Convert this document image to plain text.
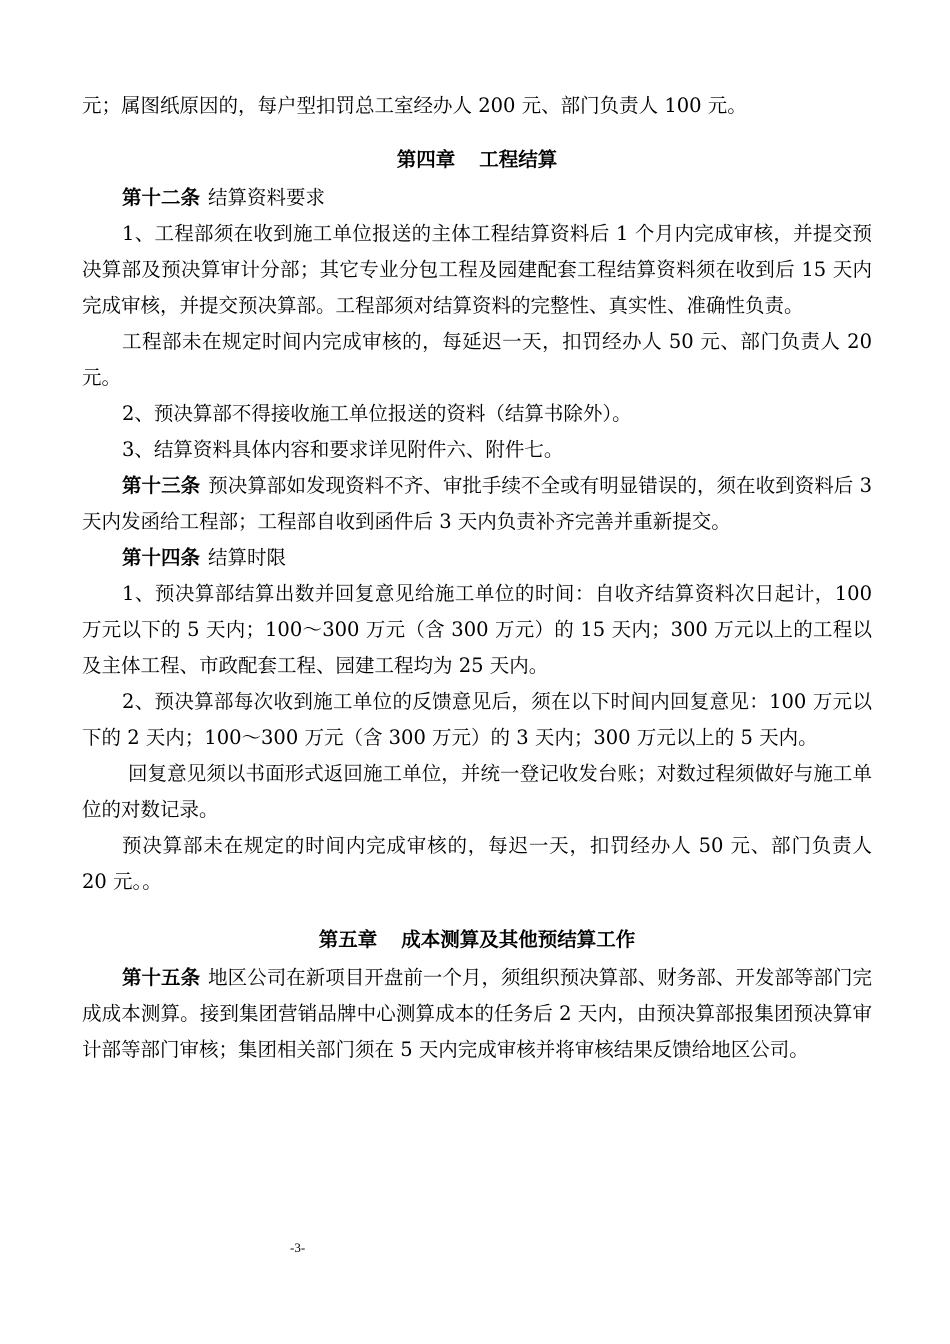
元；属图纸原因的，每户型扣罚总工室经办人 200 元、部门负责人 100 元。

第四章 工程结算

第十二条 结算资料要求

1、工程部须在收到施工单位报送的主体工程结算资料后 1 个月内完成审核，并提交预决算部及预决算审计分部；其它专业分包工程及园建配套工程结算资料须在收到后 15 天内完成审核，并提交预决算部。工程部须对结算资料的完整性、真实性、准确性负责。

工程部未在规定时间内完成审核的，每延迟一天，扣罚经办人 50 元、部门负责人 20 元。

2、预决算部不得接收施工单位报送的资料（结算书除外）。

3、结算资料具体内容和要求详见附件六、附件七。

第十三条 预决算部如发现资料不齐、审批手续不全或有明显错误的，须在收到资料后 3 天内发函给工程部；工程部自收到函件后 3 天内负责补齐完善并重新提交。

第十四条 结算时限

1、预决算部结算出数并回复意见给施工单位的时间：自收齐结算资料次日起计，100 万元以下的 5 天内；100～300 万元（含 300 万元）的 15 天内；300 万元以上的工程以及主体工程、市政配套工程、园建工程均为 25 天内。

2、预决算部每次收到施工单位的反馈意见后，须在以下时间内回复意见：100 万元以下的 2 天内；100～300 万元（含 300 万元）的 3 天内；300 万元以上的 5 天内。

回复意见须以书面形式返回施工单位，并统一登记收发台账；对数过程须做好与施工单位的对数记录。

预决算部未在规定的时间内完成审核的，每迟一天，扣罚经办人 50 元、部门负责人 20 元。。

第五章 成本测算及其他预结算工作

第十五条 地区公司在新项目开盘前一个月，须组织预决算部、财务部、开发部等部门完成成本测算。接到集团营销品牌中心测算成本的任务后 2 天内，由预决算部报集团预决算审计部等部门审核；集团相关部门须在 5 天内完成审核并将审核结果反馈给地区公司。

-3-
